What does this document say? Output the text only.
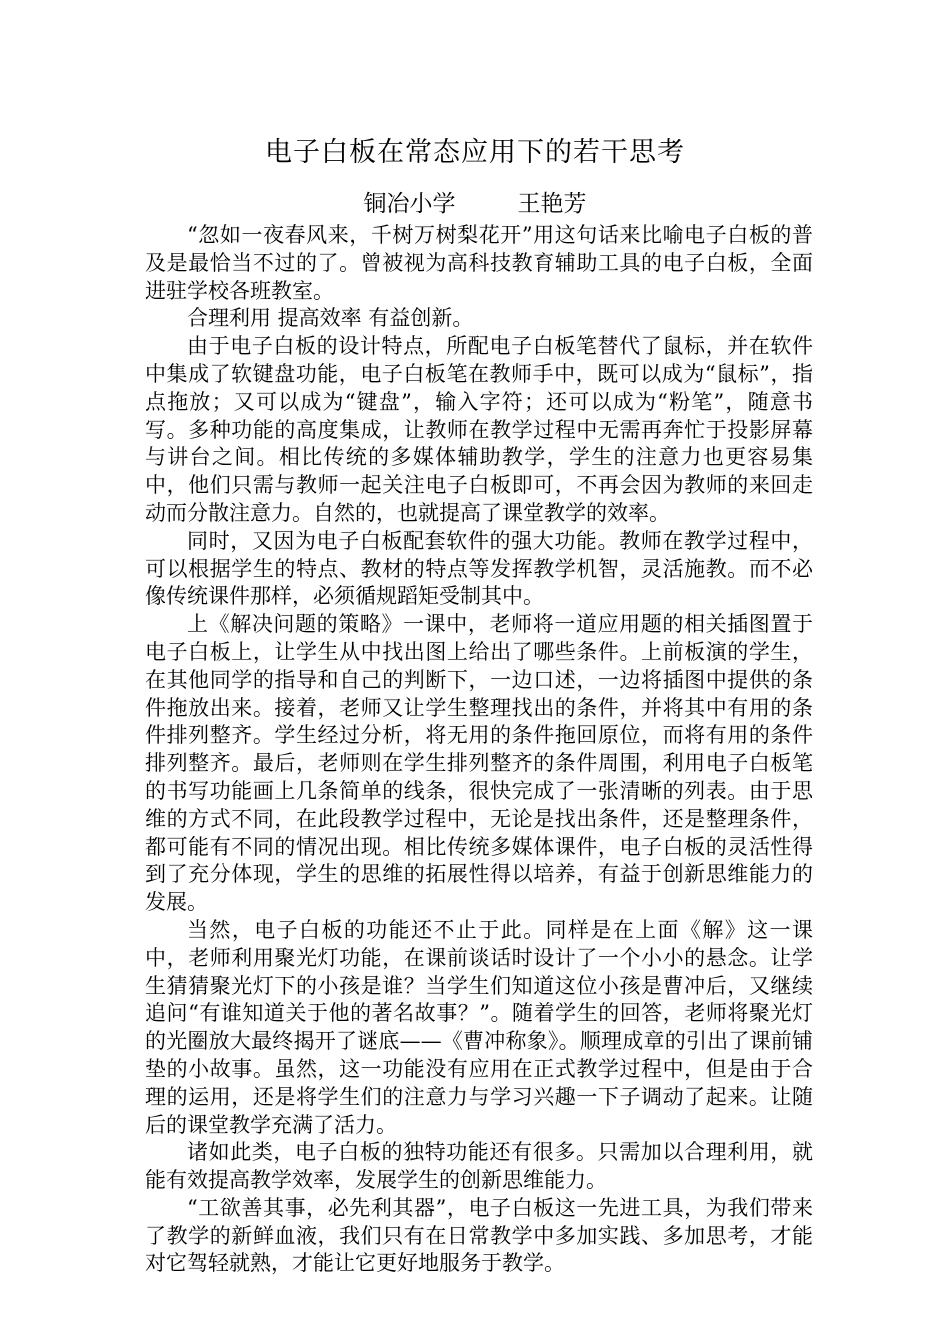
电子白板在常态应用下的若干思考
铜冶小学	王艳芳

“忽如一夜春风来，千树万树梨花开”用这句话来比喻电子白板的普及是最恰当不过的了。曾被视为高科技教育辅助工具的电子白板，全面进驻学校各班教室。

合理利用 提高效率 有益创新。

由于电子白板的设计特点，所配电子白板笔替代了鼠标，并在软件中集成了软键盘功能，电子白板笔在教师手中，既可以成为“鼠标”，指点拖放；又可以成为“键盘”，输入字符；还可以成为“粉笔”，随意书写。多种功能的高度集成，让教师在教学过程中无需再奔忙于投影屏幕与讲台之间。相比传统的多媒体辅助教学，学生的注意力也更容易集中，他们只需与教师一起关注电子白板即可，不再会因为教师的来回走动而分散注意力。自然的，也就提高了课堂教学的效率。

同时，又因为电子白板配套软件的强大功能。教师在教学过程中，可以根据学生的特点、教材的特点等发挥教学机智，灵活施教。而不必像传统课件那样，必须循规蹈矩受制其中。

上《解决问题的策略》一课中，老师将一道应用题的相关插图置于电子白板上，让学生从中找出图上给出了哪些条件。上前板演的学生，在其他同学的指导和自己的判断下，一边口述，一边将插图中提供的条件拖放出来。接着，老师又让学生整理找出的条件，并将其中有用的条件排列整齐。学生经过分析，将无用的条件拖回原位，而将有用的条件排列整齐。最后，老师则在学生排列整齐的条件周围，利用电子白板笔的书写功能画上几条简单的线条，很快完成了一张清晰的列表。由于思维的方式不同，在此段教学过程中，无论是找出条件，还是整理条件，都可能有不同的情况出现。相比传统多媒体课件，电子白板的灵活性得到了充分体现，学生的思维的拓展性得以培养，有益于创新思维能力的发展。

当然，电子白板的功能还不止于此。同样是在上面《解》这一课中，老师利用聚光灯功能，在课前谈话时设计了一个小小的悬念。让学生猜猜聚光灯下的小孩是谁？当学生们知道这位小孩是曹冲后，又继续追问“有谁知道关于他的著名故事？”。随着学生的回答，老师将聚光灯的光圈放大最终揭开了谜底——《曹冲称象》。顺理成章的引出了课前铺垫的小故事。虽然，这一功能没有应用在正式教学过程中，但是由于合理的运用，还是将学生们的注意力与学习兴趣一下子调动了起来。让随后的课堂教学充满了活力。

诸如此类，电子白板的独特功能还有很多。只需加以合理利用，就能有效提高教学效率，发展学生的创新思维能力。

“工欲善其事，必先利其器”，电子白板这一先进工具，为我们带来了教学的新鲜血液，我们只有在日常教学中多加实践、多加思考，才能对它驾轻就熟，才能让它更好地服务于教学。
